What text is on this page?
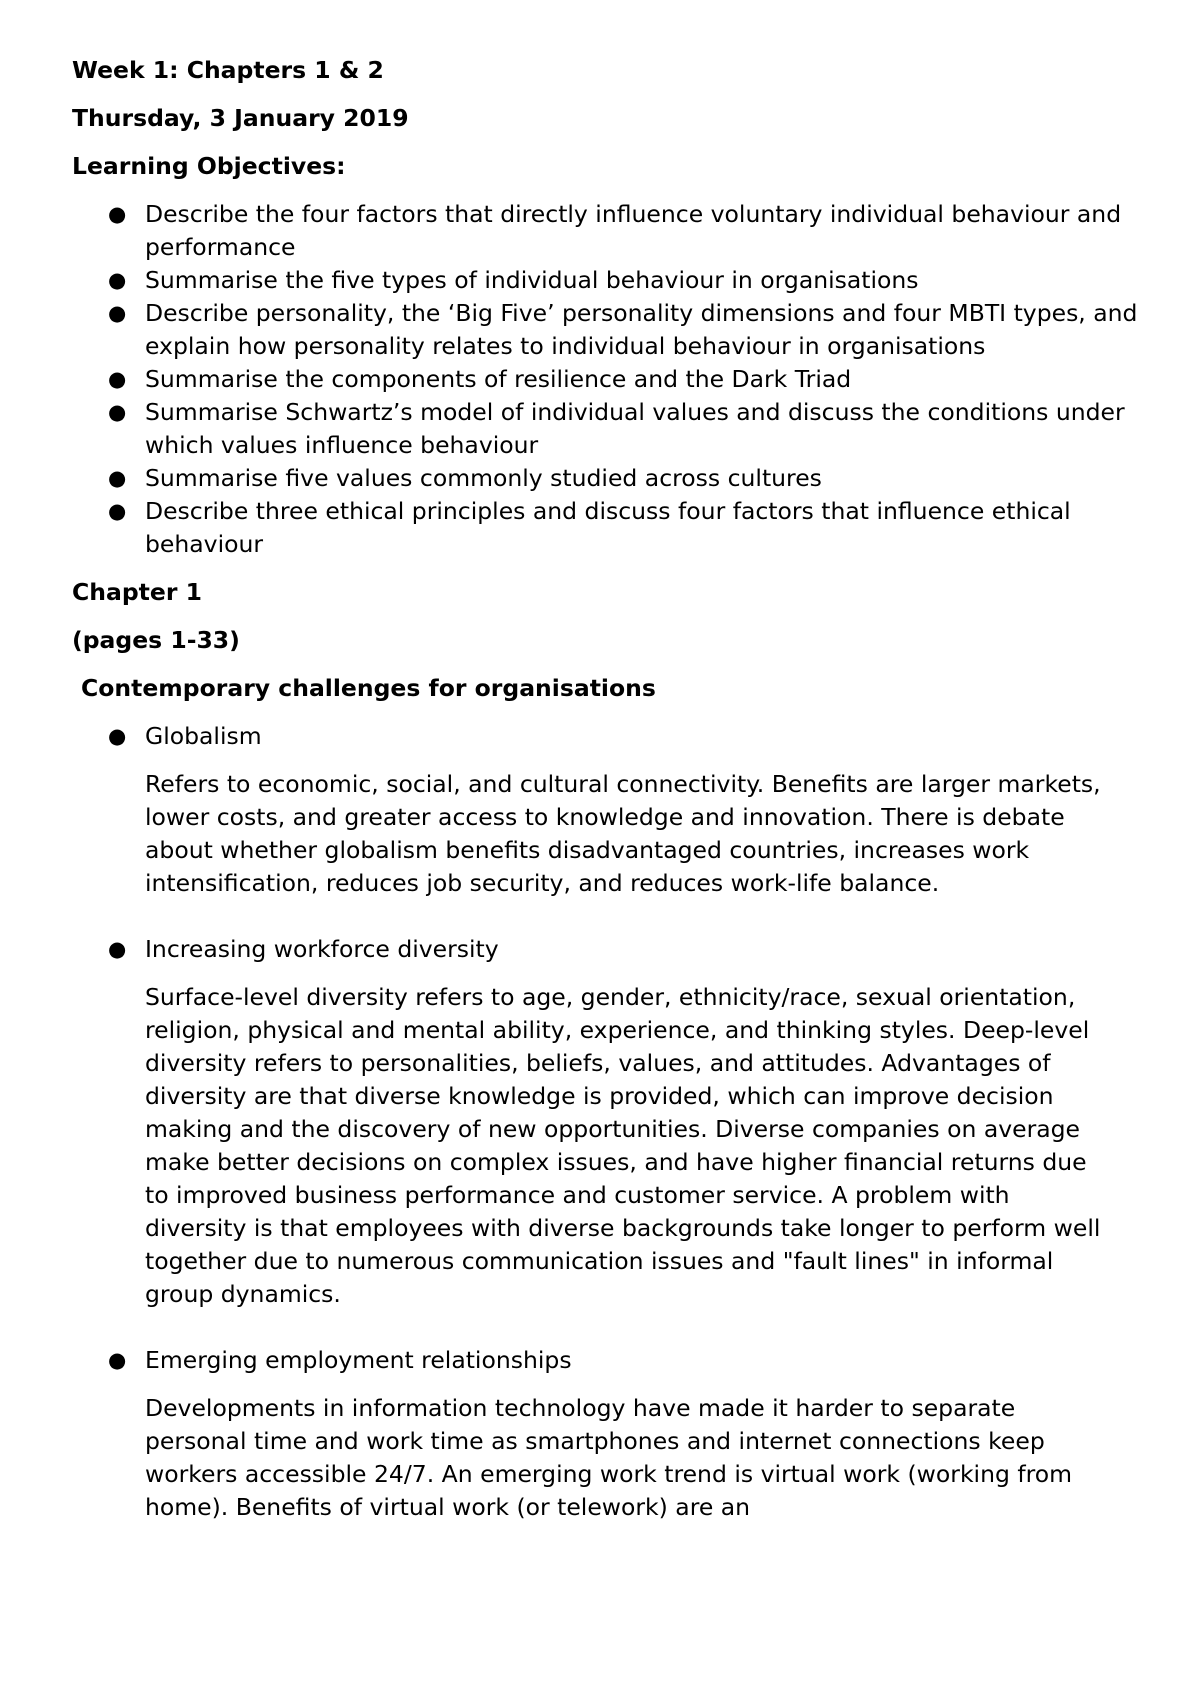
Week 1: Chapters 1 & 2
Thursday, 3 January 2019
Learning Objectives:
● Describe the four factors that directly influence voluntary individual behaviour and performance
● Summarise the five types of individual behaviour in organisations
● Describe personality, the ‘Big Five’ personality dimensions and four MBTI types, and explain how personality relates to individual behaviour in organisations
● Summarise the components of resilience and the Dark Triad
● Summarise Schwartz’s model of individual values and discuss the conditions under which values influence behaviour
● Summarise five values commonly studied across cultures
● Describe three ethical principles and discuss four factors that influence ethical behaviour
Chapter 1
(pages 1-33)
Contemporary challenges for organisations
● Globalism
Refers to economic, social, and cultural connectivity. Benefits are larger markets, lower costs, and greater access to knowledge and innovation. There is debate about whether globalism benefits disadvantaged countries, increases work intensification, reduces job security, and reduces work-life balance.
● Increasing workforce diversity
Surface-level diversity refers to age, gender, ethnicity/race, sexual orientation, religion, physical and mental ability, experience, and thinking styles. Deep-level diversity refers to personalities, beliefs, values, and attitudes. Advantages of diversity are that diverse knowledge is provided, which can improve decision making and the discovery of new opportunities. Diverse companies on average make better decisions on complex issues, and have higher financial returns due to improved business performance and customer service. A problem with diversity is that employees with diverse backgrounds take longer to perform well together due to numerous communication issues and "fault lines" in informal group dynamics.
● Emerging employment relationships
Developments in information technology have made it harder to separate personal time and work time as smartphones and internet connections keep workers accessible 24/7. An emerging work trend is virtual work (working from home). Benefits of virtual work (or telework) are an
